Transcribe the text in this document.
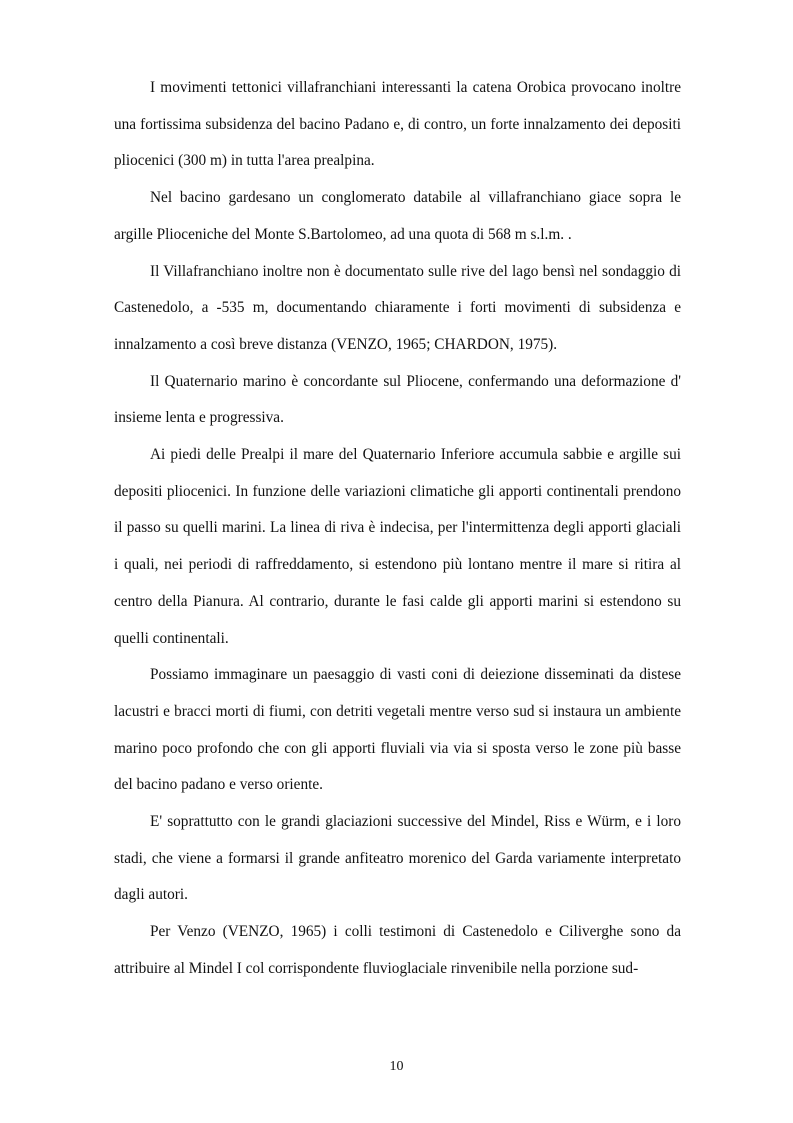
I movimenti tettonici villafranchiani interessanti la catena Orobica provocano inoltre una fortissima subsidenza del bacino Padano e, di contro, un forte innalzamento dei depositi pliocenici (300 m) in tutta l'area prealpina.

Nel bacino gardesano un conglomerato databile al villafranchiano giace sopra le argille Plioceniche del Monte S.Bartolomeo, ad una quota di 568 m s.l.m. .

Il Villafranchiano inoltre non è documentato sulle rive del lago bensì nel sondaggio di Castenedolo, a -535 m, documentando chiaramente i forti movimenti di subsidenza e innalzamento a così breve distanza (VENZO, 1965; CHARDON, 1975).

Il Quaternario marino è concordante sul Pliocene, confermando una deformazione d' insieme lenta e progressiva.

Ai piedi delle Prealpi il mare del Quaternario Inferiore accumula sabbie e argille sui depositi pliocenici. In funzione delle variazioni climatiche gli apporti continentali prendono il passo su quelli marini. La linea di riva è indecisa, per l'intermittenza degli apporti glaciali i quali, nei periodi di raffreddamento, si estendono più lontano mentre il mare si ritira al centro della Pianura. Al contrario, durante le fasi calde gli apporti marini si estendono su quelli continentali.

Possiamo immaginare un paesaggio di vasti coni di deiezione disseminati da distese lacustri e bracci morti di fiumi, con detriti vegetali mentre verso sud si instaura un ambiente marino poco profondo che con gli apporti fluviali via via si sposta verso le zone più basse del bacino padano e verso oriente.

E' soprattutto con le grandi glaciazioni successive del Mindel, Riss e Würm, e i loro stadi, che viene a formarsi il grande anfiteatro morenico del Garda variamente interpretato dagli autori.

Per Venzo (VENZO, 1965) i colli testimoni di Castenedolo e Ciliverghe sono da attribuire al Mindel I col corrispondente fluvioglaciale rinvenibile nella porzione sud-

10
